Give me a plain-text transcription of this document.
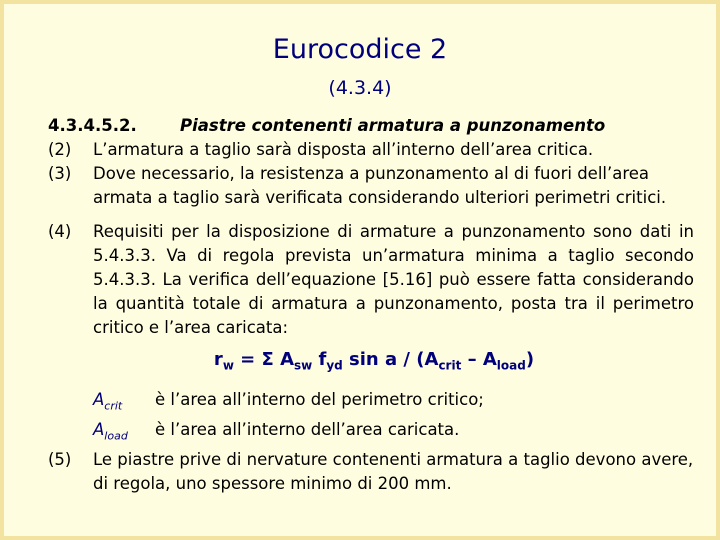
Eurocodice 2
(4.3.4)
4.3.4.5.2.	Piastre contenenti armatura a punzonamento
(2) L’armatura a taglio sarà disposta all’interno dell’area critica.
(3) Dove necessario, la resistenza a punzonamento al di fuori dell’area armata a taglio sarà verificata considerando ulteriori perimetri critici.
(4) Requisiti per la disposizione di armature a punzonamento sono dati in 5.4.3.3. Va di regola prevista un’armatura minima a taglio secondo 5.4.3.3. La verifica dell’equazione [5.16] può essere fatta considerando la quantità totale di armatura a punzonamento, posta tra il perimetro critico e l’area caricata:
$r_w = \Sigma$ $A_{sw}$ $f_{yd}$ sin a / $(A_{crit} - A_{load})$
$A_{crit}$ è l’area all’interno del perimetro critico;
$A_{load}$ è l’area all’interno dell’area caricata.
(5) Le piastre prive di nervature contenenti armatura a taglio devono avere, di regola, uno spessore minimo di 200 mm.
